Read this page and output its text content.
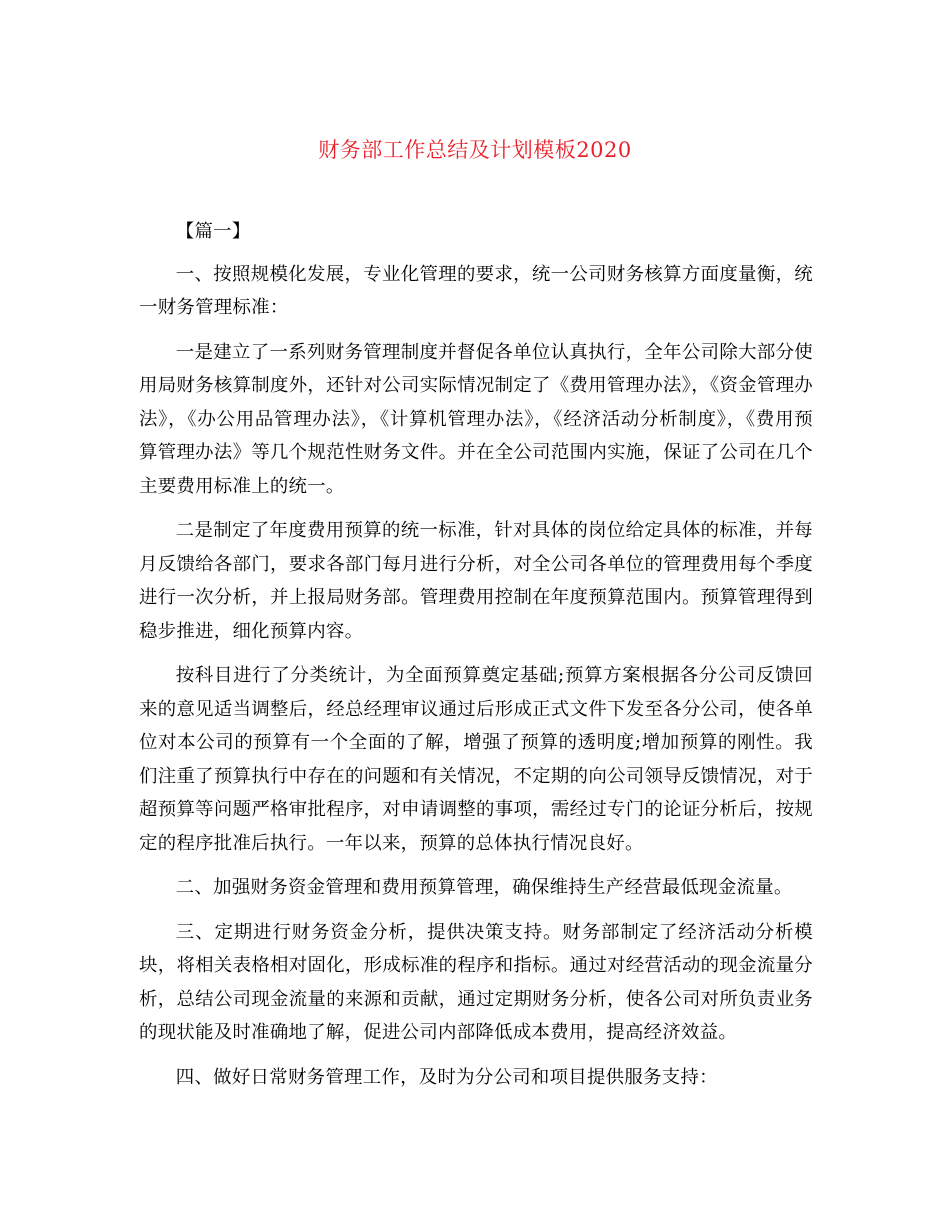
财务部工作总结及计划模板2020

【篇一】

一、按照规模化发展，专业化管理的要求，统一公司财务核算方面度量衡，统一财务管理标准：

一是建立了一系列财务管理制度并督促各单位认真执行，全年公司除大部分使用局财务核算制度外，还针对公司实际情况制定了《费用管理办法》，《资金管理办法》，《办公用品管理办法》，《计算机管理办法》，《经济活动分析制度》，《费用预算管理办法》等几个规范性财务文件。并在全公司范围内实施，保证了公司在几个主要费用标准上的统一。

二是制定了年度费用预算的统一标准，针对具体的岗位给定具体的标准，并每月反馈给各部门，要求各部门每月进行分析，对全公司各单位的管理费用每个季度进行一次分析，并上报局财务部。管理费用控制在年度预算范围内。预算管理得到稳步推进，细化预算内容。

按科目进行了分类统计，为全面预算奠定基础;预算方案根据各分公司反馈回来的意见适当调整后，经总经理审议通过后形成正式文件下发至各分公司，使各单位对本公司的预算有一个全面的了解，增强了预算的透明度;增加预算的刚性。我们注重了预算执行中存在的问题和有关情况，不定期的向公司领导反馈情况，对于超预算等问题严格审批程序，对申请调整的事项，需经过专门的论证分析后，按规定的程序批准后执行。一年以来，预算的总体执行情况良好。

二、加强财务资金管理和费用预算管理，确保维持生产经营最低现金流量。

三、定期进行财务资金分析，提供决策支持。财务部制定了经济活动分析模块，将相关表格相对固化，形成标准的程序和指标。通过对经营活动的现金流量分析，总结公司现金流量的来源和贡献，通过定期财务分析，使各公司对所负责业务的现状能及时准确地了解，促进公司内部降低成本费用，提高经济效益。

四、做好日常财务管理工作，及时为分公司和项目提供服务支持：
